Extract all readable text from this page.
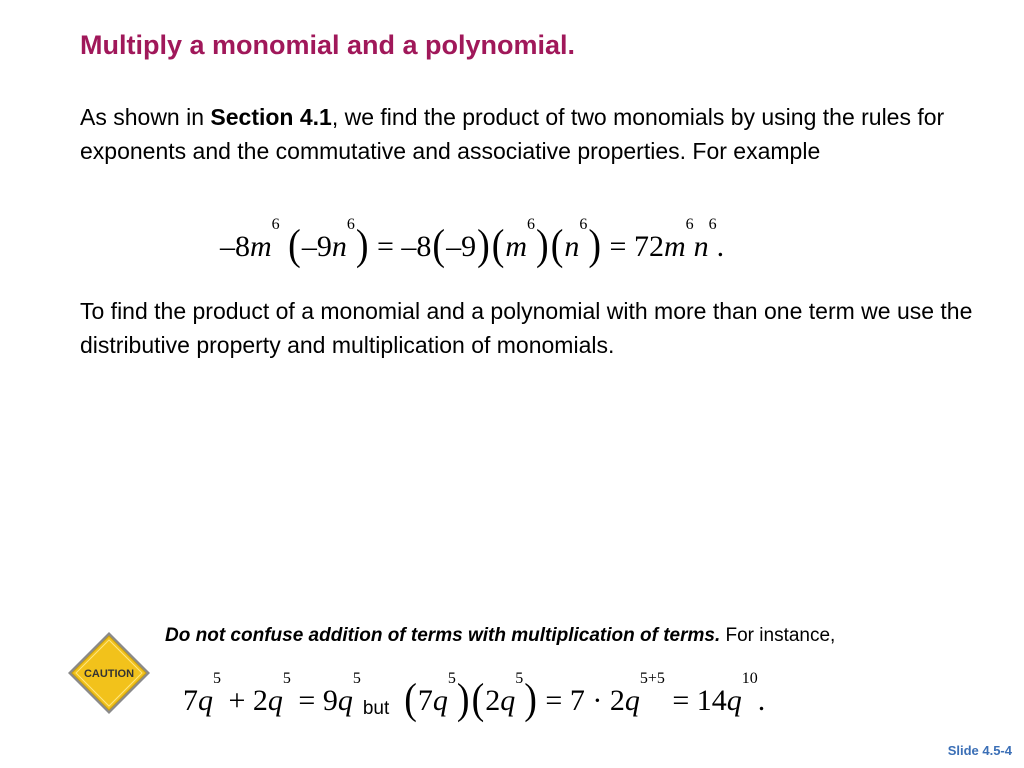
Multiply a monomial and a polynomial.

As shown in Section 4.1, we find the product of two monomials by using the rules for exponents and the commutative and associative properties. For example

$-8m^6$ $(-9n^6) = -8(-9)(m^6)(n^6) = 72m^6n^6$.

To find the product of a monomial and a polynomial with more than one term we use the distributive property and multiplication of monomials.

CAUTION
Do not confuse addition of terms with multiplication of terms. For instance,
$7q^5 + 2q^5 = 9q^5but$ $(7q^5)(2q^5) = 7 \cdot 2q^{5+5} = 14q^{10}$.
Slide 4.5-4
